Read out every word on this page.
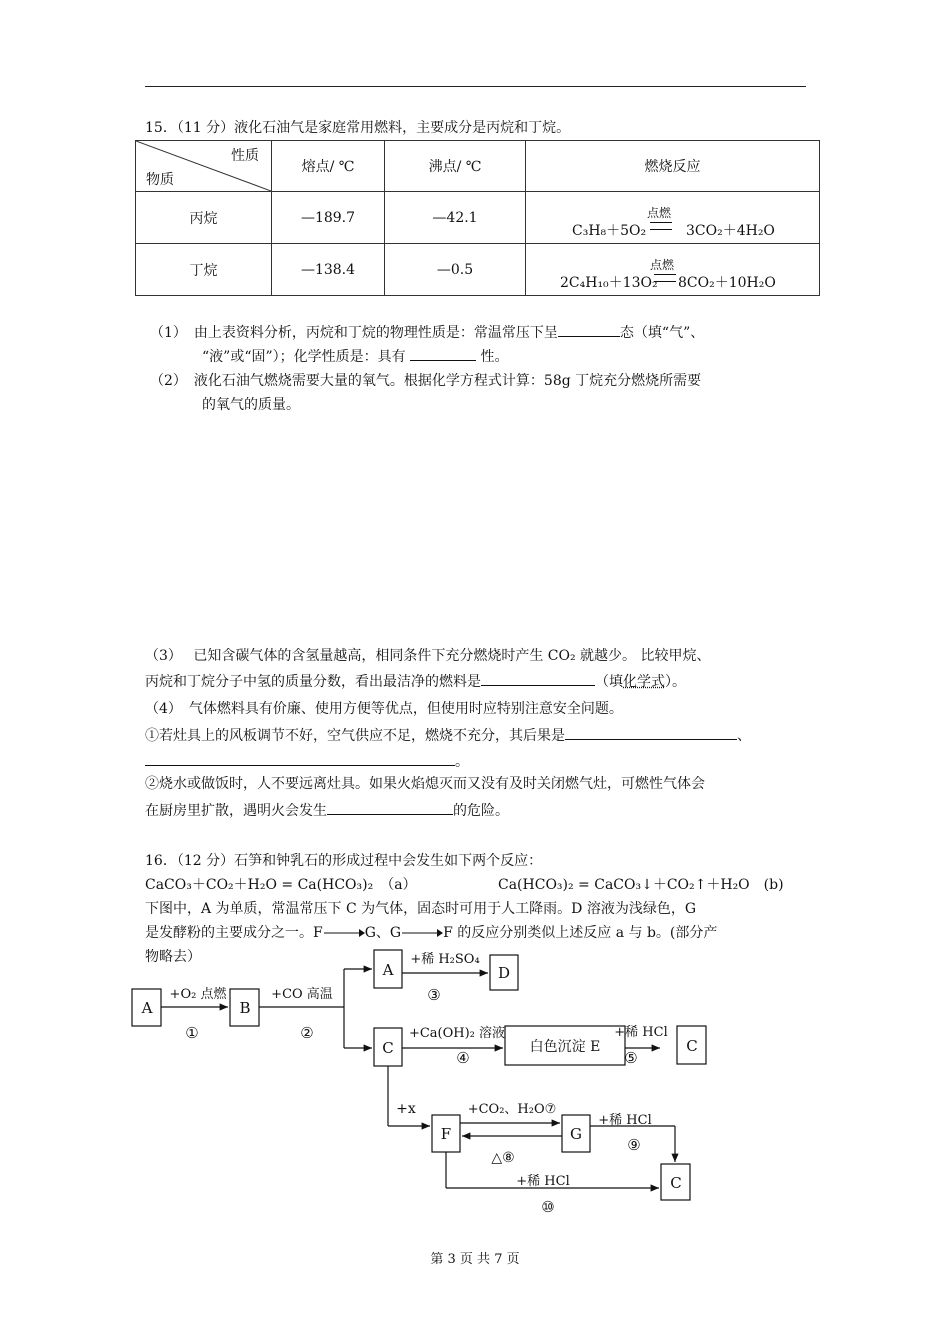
15．（11 分）液化石油气是家庭常用燃料，主要成分是丙烷和丁烷。
性质
物质	熔点/ ℃	沸点/ ℃	燃烧反应
丙烷	—189.7	—42.1	C₃H₈＋5O₂
点燃
3CO₂＋4H₂O

丁烷	—138.4	—0.5	2C₄H₁₀＋13O₂
点燃
8CO₂＋10H₂O
（1）　由上表资料分析，丙烷和丁烷的物理性质是：常温常压下呈	态（填“气”、
“液”或“固”）；化学性质是：具有	性。
（2）　液化石油气燃烧需要大量的氧气。根据化学方程式计算：58g 丁烷充分燃烧所需要
的氧气的质量。
（3）　 已知含碳气体的含氢量越高，相同条件下充分燃烧时产生 CO₂ 就越少。 比较甲烷、
丙烷和丁烷分子中氢的质量分数，看出最洁净的燃料是	（填化学式）。
（4）　气体燃料具有价廉、使用方便等优点，但使用时应特别注意安全问题。
①若灶具上的风板调节不好，空气供应不足，燃烧不充分，其后果是	、
。
②烧水或做饭时，人不要远离灶具。如果火焰熄灭而又没有及时关闭燃气灶，可燃性气体会
在厨房里扩散，遇明火会发生	的危险。
16．（12 分）石笋和钟乳石的形成过程中会发生如下两个反应：
CaCO₃＋CO₂＋H₂O = Ca(HCO₃)₂　（a）	Ca(HCO₃)₂ = CaCO₃↓＋CO₂↑＋H₂O　(b)
下图中，A 为单质，常温常压下 C 为气体，固态时可用于人工降雨。D 溶液为浅绿色，G
是发酵粉的主要成分之一。F	G、G	F 的反应分别类似上述反应 a 与 b。(部分产
物略去）
A	B
A	D
C	白色沉淀 E	C
F	G
C
+O₂ 点燃
①
+CO 高温
②
+稀 H₂SO₄
③
+Ca(OH)₂ 溶液
④
+稀 HCl
⑤
+x	+CO₂、H₂O⑦
△⑧
+稀 HCl
⑨
+稀 HCl
⑩
第 3 页 共 7 页
